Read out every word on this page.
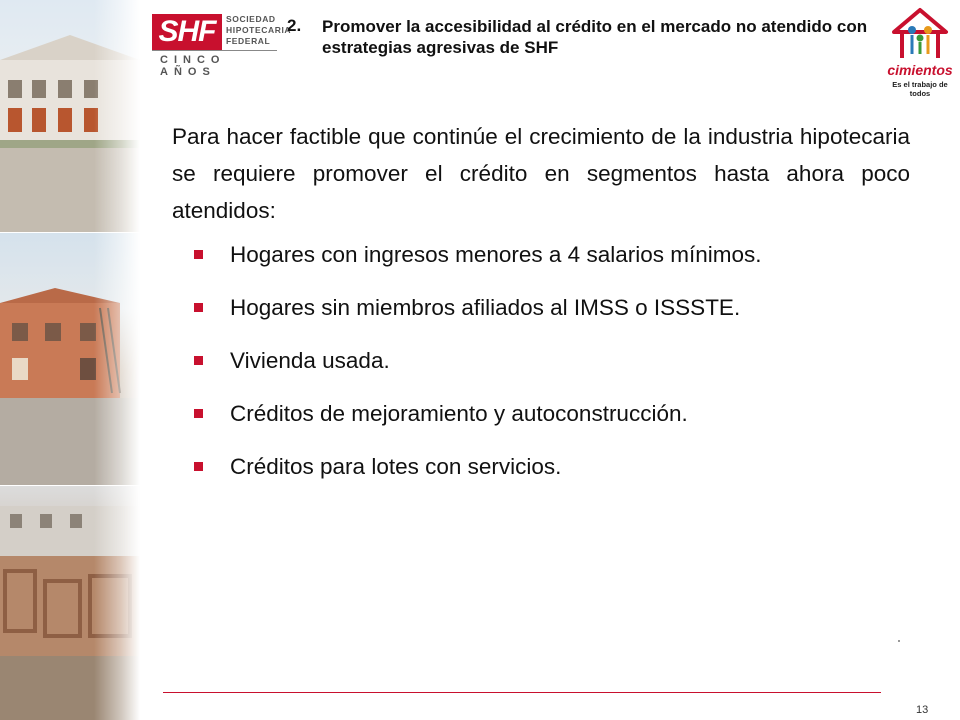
SHF	SOCIEDAD
HIPOTECARIA
FEDERAL
CINCO AÑOS
2. Promover la accesibilidad al crédito en el mercado no atendido con estrategias agresivas de SHF
cimientos
Es el trabajo de todos
Para hacer factible que continúe el crecimiento de la industria hipotecaria se requiere promover el crédito en segmentos hasta ahora poco atendidos:
Hogares con ingresos menores a 4 salarios mínimos.
Hogares sin miembros afiliados al IMSS o ISSSTE.
Vivienda usada.
Créditos de mejoramiento y autoconstrucción.
Créditos para lotes con servicios.
13
